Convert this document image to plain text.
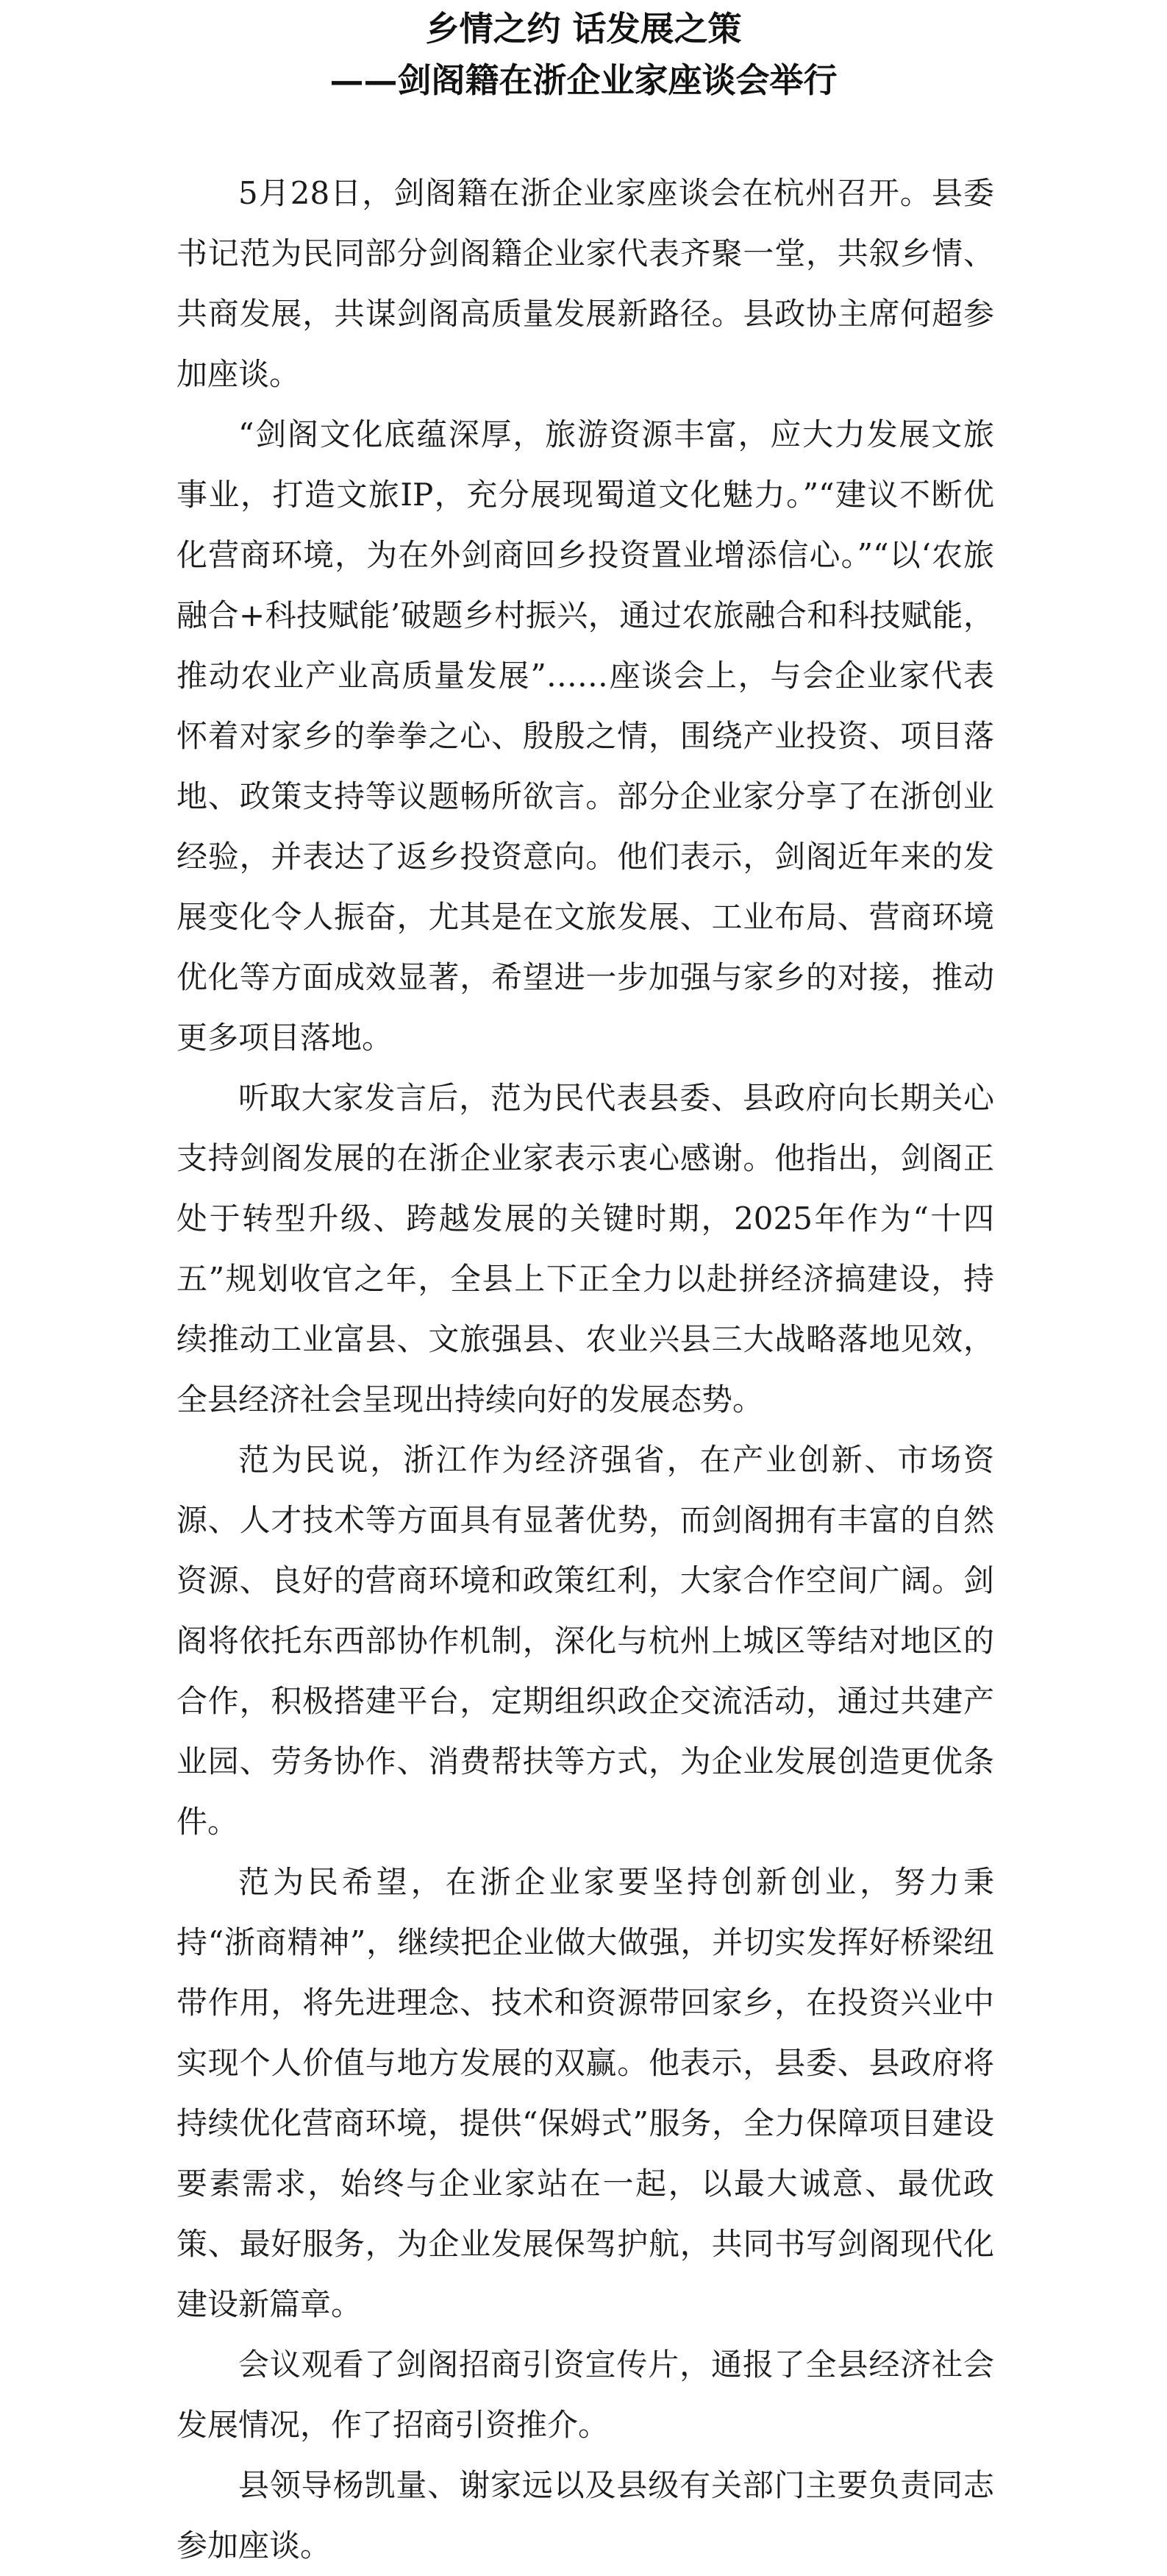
乡情之约 话发展之策
——剑阁籍在浙企业家座谈会举行

5月28日，剑阁籍在浙企业家座谈会在杭州召开。县委书记范为民同部分剑阁籍企业家代表齐聚一堂，共叙乡情、共商发展，共谋剑阁高质量发展新路径。县政协主席何超参加座谈。

“剑阁文化底蕴深厚，旅游资源丰富，应大力发展文旅事业，打造文旅IP，充分展现蜀道文化魅力。”“建议不断优化营商环境，为在外剑商回乡投资置业增添信心。”“以‘农旅融合+科技赋能’破题乡村振兴，通过农旅融合和科技赋能，推动农业产业高质量发展”……座谈会上，与会企业家代表怀着对家乡的拳拳之心、殷殷之情，围绕产业投资、项目落地、政策支持等议题畅所欲言。部分企业家分享了在浙创业经验，并表达了返乡投资意向。他们表示，剑阁近年来的发展变化令人振奋，尤其是在文旅发展、工业布局、营商环境优化等方面成效显著，希望进一步加强与家乡的对接，推动更多项目落地。

听取大家发言后，范为民代表县委、县政府向长期关心支持剑阁发展的在浙企业家表示衷心感谢。他指出，剑阁正处于转型升级、跨越发展的关键时期，2025年作为“十四五”规划收官之年，全县上下正全力以赴拼经济搞建设，持续推动工业富县、文旅强县、农业兴县三大战略落地见效，全县经济社会呈现出持续向好的发展态势。

范为民说，浙江作为经济强省，在产业创新、市场资源、人才技术等方面具有显著优势，而剑阁拥有丰富的自然资源、良好的营商环境和政策红利，大家合作空间广阔。剑阁将依托东西部协作机制，深化与杭州上城区等结对地区的合作，积极搭建平台，定期组织政企交流活动，通过共建产业园、劳务协作、消费帮扶等方式，为企业发展创造更优条件。

范为民希望，在浙企业家要坚持创新创业，努力秉持“浙商精神”，继续把企业做大做强，并切实发挥好桥梁纽带作用，将先进理念、技术和资源带回家乡，在投资兴业中实现个人价值与地方发展的双赢。他表示，县委、县政府将持续优化营商环境，提供“保姆式”服务，全力保障项目建设要素需求，始终与企业家站在一起，以最大诚意、最优政策、最好服务，为企业发展保驾护航，共同书写剑阁现代化建设新篇章。

会议观看了剑阁招商引资宣传片，通报了全县经济社会发展情况，作了招商引资推介。

县领导杨凯量、谢家远以及县级有关部门主要负责同志参加座谈。
